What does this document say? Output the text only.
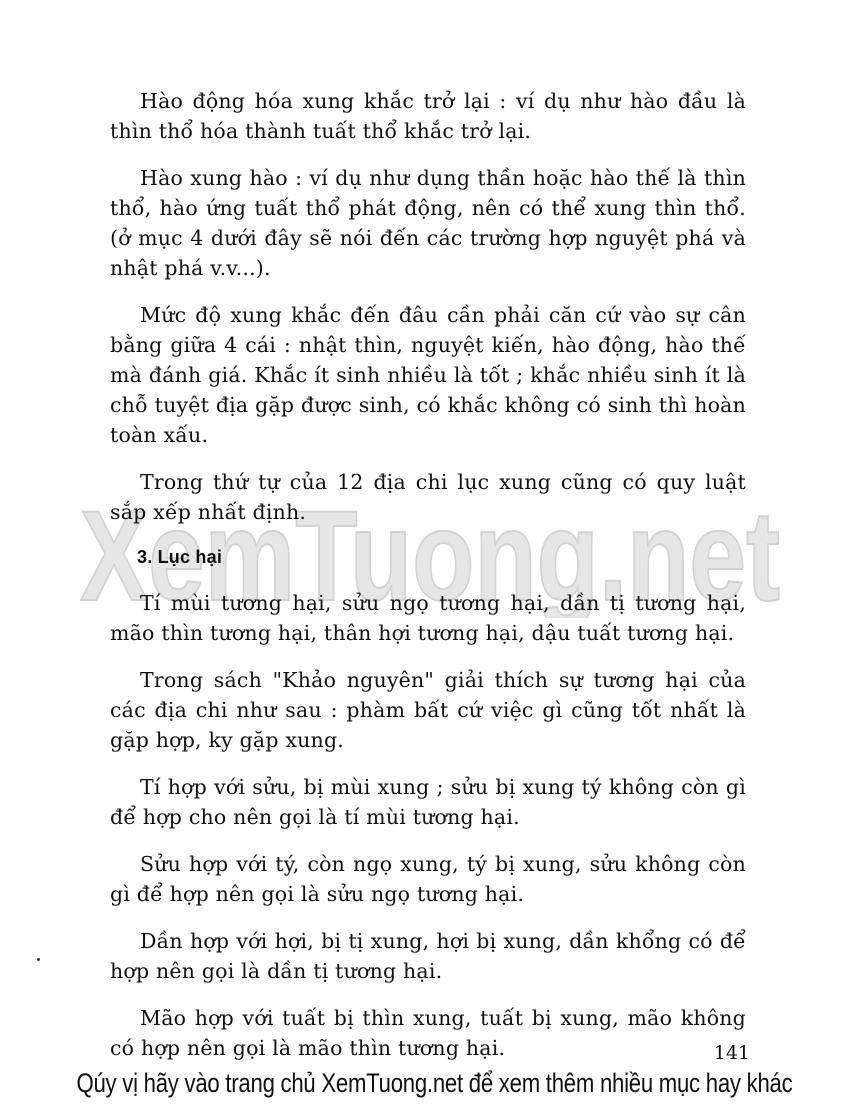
XemTuong.net

Hào động hóa xung khắc trở lại : ví dụ như hào đầu là thìn thổ hóa thành tuất thổ khắc trở lại.

Hào xung hào : ví dụ như dụng thần hoặc hào thế là thìn thổ, hào ứng tuất thổ phát động, nên có thể xung thìn thổ. (ở mục 4 dưới đây sẽ nói đến các trường hợp nguyệt phá và nhật phá v.v...).

Mức độ xung khắc đến đâu cần phải căn cứ vào sự cân bằng giữa 4 cái : nhật thìn, nguyệt kiến, hào động, hào thế mà đánh giá. Khắc ít sinh nhiều là tốt ; khắc nhiều sinh ít là chỗ tuyệt địa gặp được sinh, có khắc không có sinh thì hoàn toàn xấu.

Trong thứ tự của 12 địa chi lục xung cũng có quy luật sắp xếp nhất định.

3. Lục hại

Tí mùi tương hại, sửu ngọ tương hại, dần tị tương hại, mão thìn tương hại, thân hợi tương hại, dậu tuất tương hại.

Trong sách "Khảo nguyên" giải thích sự tương hại của các địa chi như sau : phàm bất cứ việc gì cũng tốt nhất là gặp hợp, ky gặp xung.

Tí hợp với sửu, bị mùi xung ; sửu bị xung tý không còn gì để hợp cho nên gọi là tí mùi tương hại.

Sửu hợp với tý, còn ngọ xung, tý bị xung, sửu không còn gì để hợp nên gọi là sửu ngọ tương hại.

Dần hợp với hợi, bị tị xung, hợi bị xung, dần khổng có để hợp nên gọi là dần tị tương hại.

Mão hợp với tuất bị thìn xung, tuất bị xung, mão không có hợp nên gọi là mão thìn tương hại.	141
Qúy vị hãy vào trang chủ XemTuong.net để xem thêm nhiều mục hay khác
